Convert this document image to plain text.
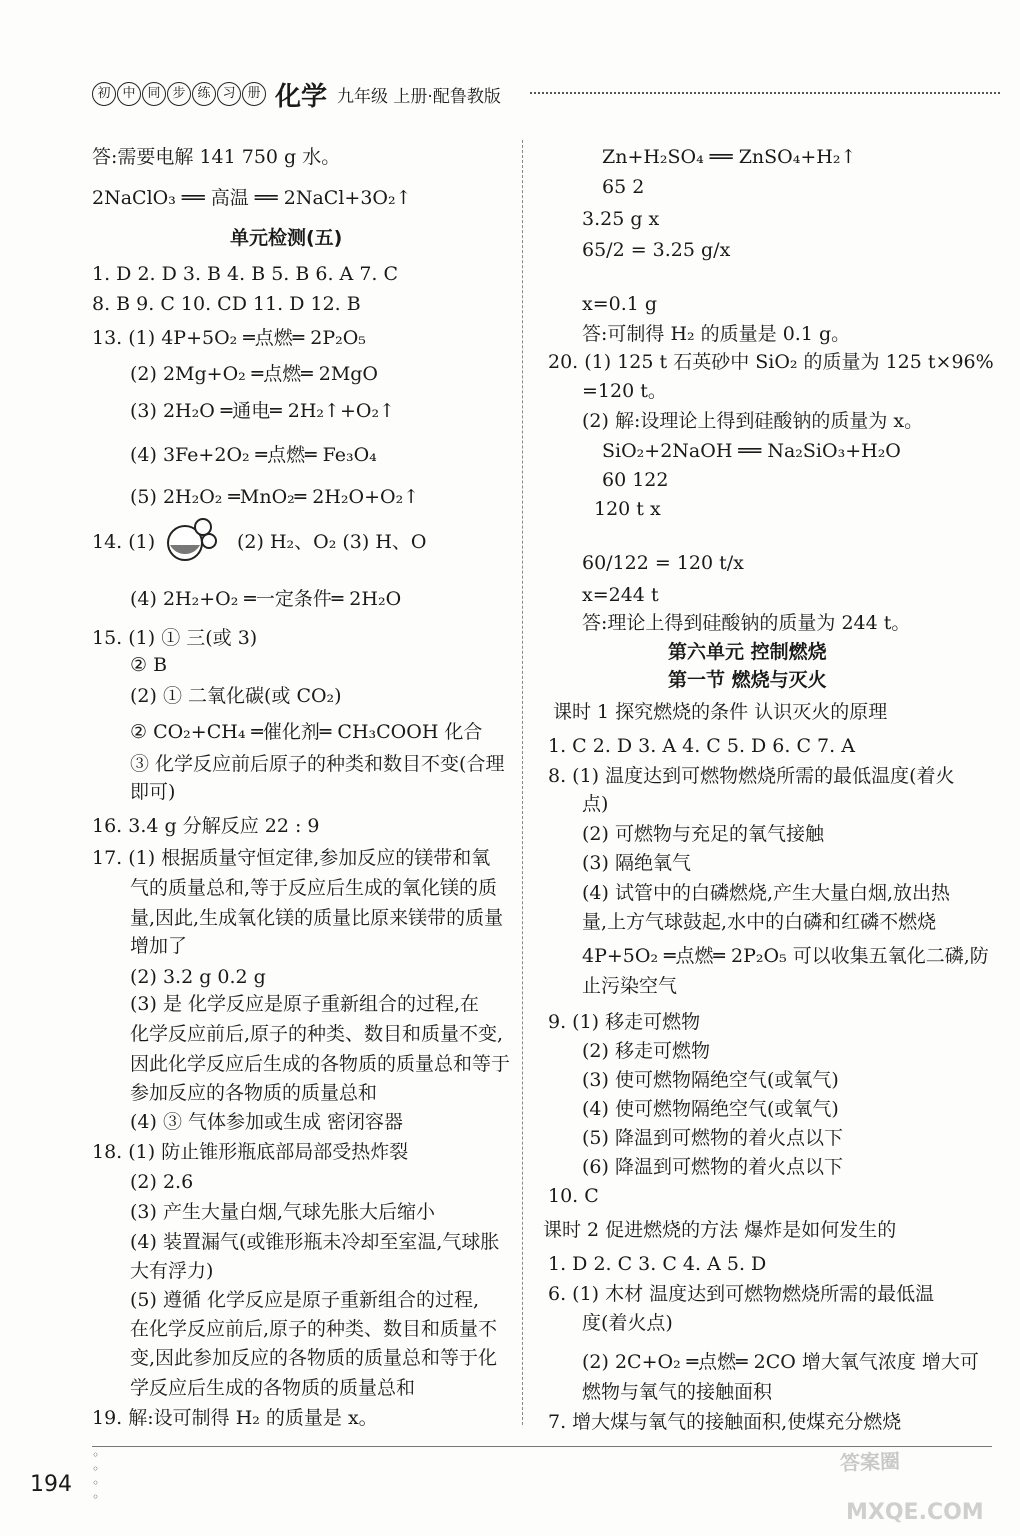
初 中 同 步 练 习 册 化学 九年级 上册·配鲁教版
答:需要电解 141 750 g 水。
2NaClO₃ ══ 高温 ══ 2NaCl+3O₂↑
单元检测(五)
1. D 2. D 3. B 4. B 5. B 6. A 7. C
8. B 9. C 10. CD 11. D 12. B
13. (1) 4P+5O₂ ═点燃═ 2P₂O₅
(2) 2Mg+O₂ ═点燃═ 2MgO
(3) 2H₂O ═通电═ 2H₂↑+O₂↑
(4) 3Fe+2O₂ ═点燃═ Fe₃O₄
(5) 2H₂O₂ ═MnO₂═ 2H₂O+O₂↑
14. (1)	(2) H₂、O₂ (3) H、O
(4) 2H₂+O₂ ═一定条件═ 2H₂O
15. (1) ① 三(或 3)
② B
(2) ① 二氧化碳(或 CO₂)
② CO₂+CH₄ ═催化剂═ CH₃COOH 化合
③ 化学反应前后原子的种类和数目不变(合理
即可)
16. 3.4 g 分解反应 22 : 9
17. (1) 根据质量守恒定律,参加反应的镁带和氧
气的质量总和,等于反应后生成的氧化镁的质
量,因此,生成氧化镁的质量比原来镁带的质量
增加了
(2) 3.2 g 0.2 g
(3) 是 化学反应是原子重新组合的过程,在
化学反应前后,原子的种类、数目和质量不变,
因此化学反应后生成的各物质的质量总和等于
参加反应的各物质的质量总和
(4) ③ 气体参加或生成 密闭容器
18. (1) 防止锥形瓶底部局部受热炸裂
(2) 2.6
(3) 产生大量白烟,气球先胀大后缩小
(4) 装置漏气(或锥形瓶未冷却至室温,气球胀
大有浮力)
(5) 遵循 化学反应是原子重新组合的过程,
在化学反应前后,原子的种类、数目和质量不
变,因此参加反应的各物质的质量总和等于化
学反应后生成的各物质的质量总和
19. 解:设可制得 H₂ 的质量是 x。
Zn+H₂SO₄ ══ ZnSO₄+H₂↑
65 2
3.25 g x
65/2 = 3.25 g/x
x=0.1 g
答:可制得 H₂ 的质量是 0.1 g。
20. (1) 125 t 石英砂中 SiO₂ 的质量为 125 t×96%
=120 t。
(2) 解:设理论上得到硅酸钠的质量为 x。
SiO₂+2NaOH ══ Na₂SiO₃+H₂O
60 122
120 t x
60/122 = 120 t/x
x=244 t
答:理论上得到硅酸钠的质量为 244 t。
第六单元 控制燃烧
第一节 燃烧与灭火
课时 1 探究燃烧的条件 认识灭火的原理
1. C 2. D 3. A 4. C 5. D 6. C 7. A
8. (1) 温度达到可燃物燃烧所需的最低温度(着火
点)
(2) 可燃物与充足的氧气接触
(3) 隔绝氧气
(4) 试管中的白磷燃烧,产生大量白烟,放出热
量,上方气球鼓起,水中的白磷和红磷不燃烧
4P+5O₂ ═点燃═ 2P₂O₅ 可以收集五氧化二磷,防
止污染空气
9. (1) 移走可燃物
(2) 移走可燃物
(3) 使可燃物隔绝空气(或氧气)
(4) 使可燃物隔绝空气(或氧气)
(5) 降温到可燃物的着火点以下
(6) 降温到可燃物的着火点以下
10. C
课时 2 促进燃烧的方法 爆炸是如何发生的
1. D 2. C 3. C 4. A 5. D
6. (1) 木材 温度达到可燃物燃烧所需的最低温
度(着火点)
(2) 2C+O₂ ═点燃═ 2CO 增大氧气浓度 增大可
燃物与氧气的接触面积
7. 增大煤与氧气的接触面积,使煤充分燃烧
◦
◦
◦
◦
194
答案圈
MXQE.COM
